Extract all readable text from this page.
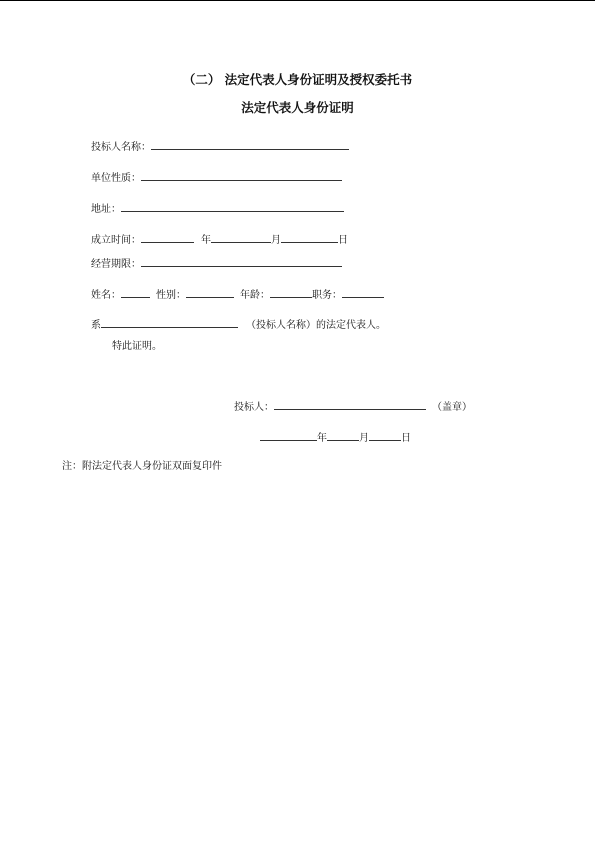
（二） 法定代表人身份证明及授权委托书
法定代表人身份证明
投标人名称：
单位性质：
地址：
成立时间：	年	月	日
经营期限：
姓名：	性别：	年龄：	职务：
系	（投标人名称）的法定代表人。
特此证明。
投标人：	（盖章）
年	月	日
注：附法定代表人身份证双面复印件
